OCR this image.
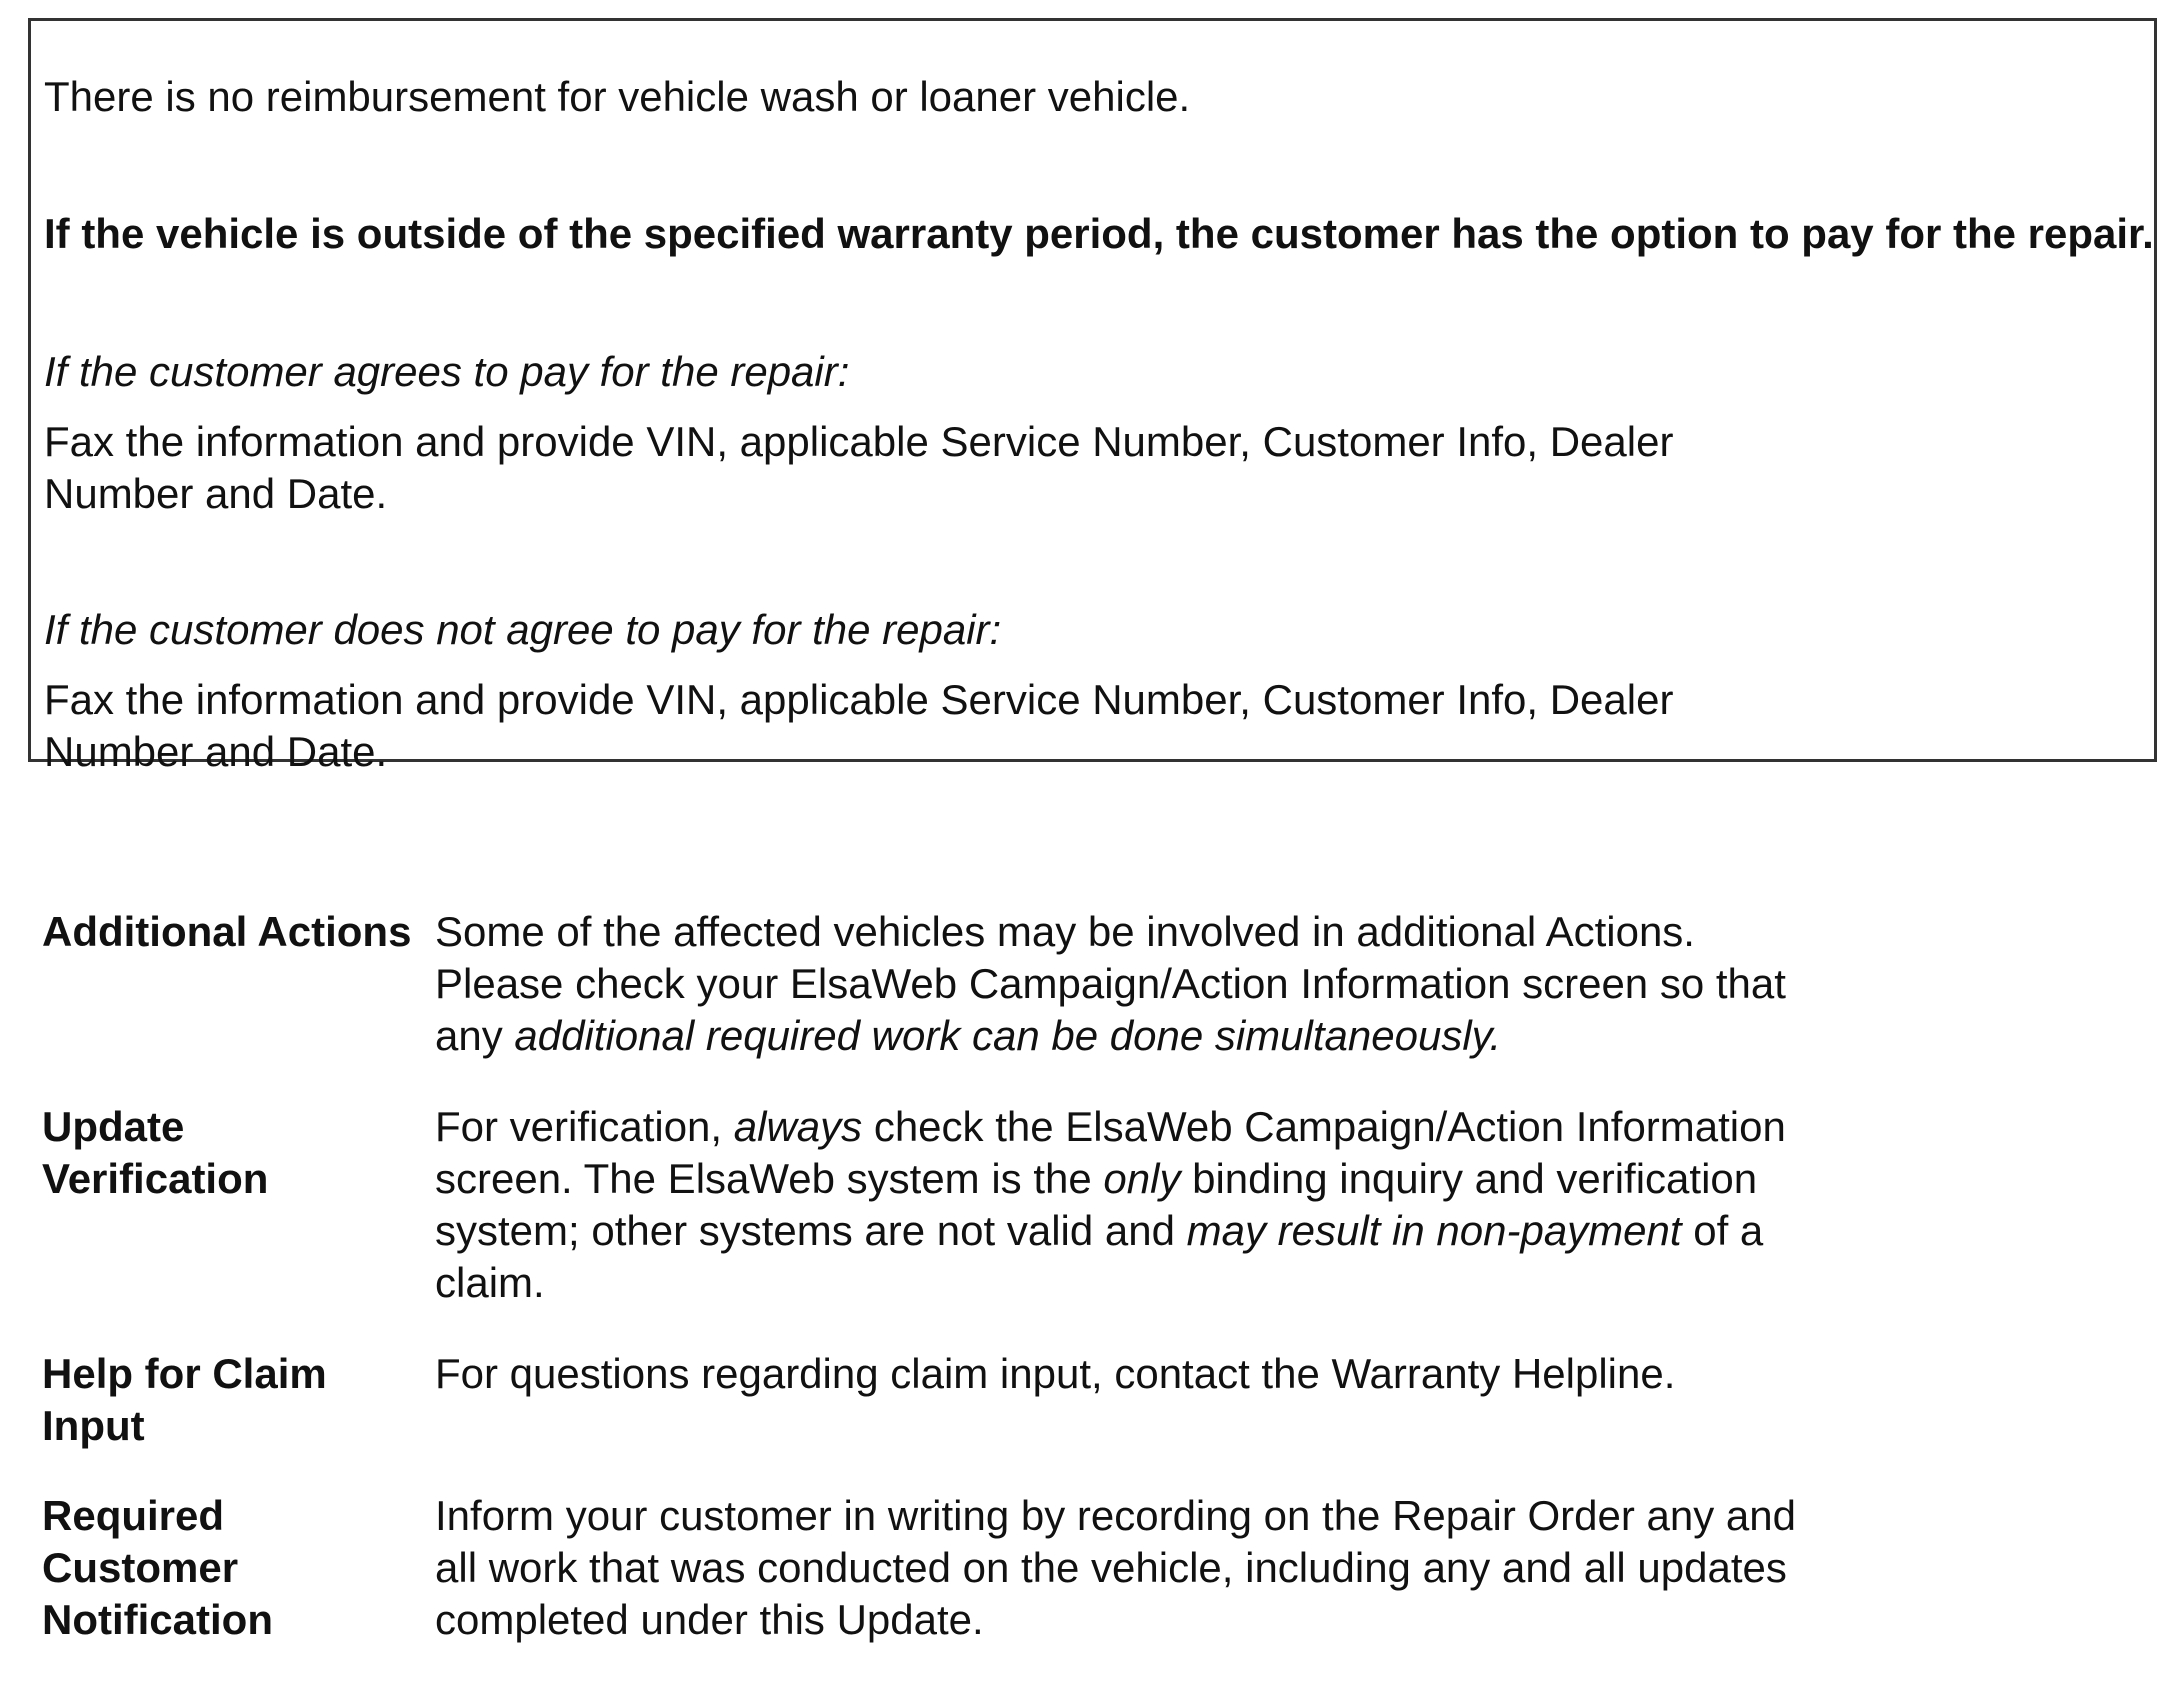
There is no reimbursement for vehicle wash or loaner vehicle.

If the vehicle is outside of the specified warranty period, the customer has the option to pay for the repair.

If the customer agrees to pay for the repair:

Fax the information and provide VIN, applicable Service Number, Customer Info, Dealer

Number and Date.

If the customer does not agree to pay for the repair:

Fax the information and provide VIN, applicable Service Number, Customer Info, Dealer

Number and Date.

Additional Actions Some of the affected vehicles may be involved in additional Actions.
Please check your ElsaWeb Campaign/Action Information screen so that
any additional required work can be done simultaneously.
Update
Verification
For verification, always check the ElsaWeb Campaign/Action Information
screen. The ElsaWeb system is the only binding inquiry and verification
system; other systems are not valid and may result in non-payment of a
claim.
Help for Claim
Input
For questions regarding claim input, contact the Warranty Helpline.
Required
Customer
Notification
Inform your customer in writing by recording on the Repair Order any and
all work that was conducted on the vehicle, including any and all updates
completed under this Update.
